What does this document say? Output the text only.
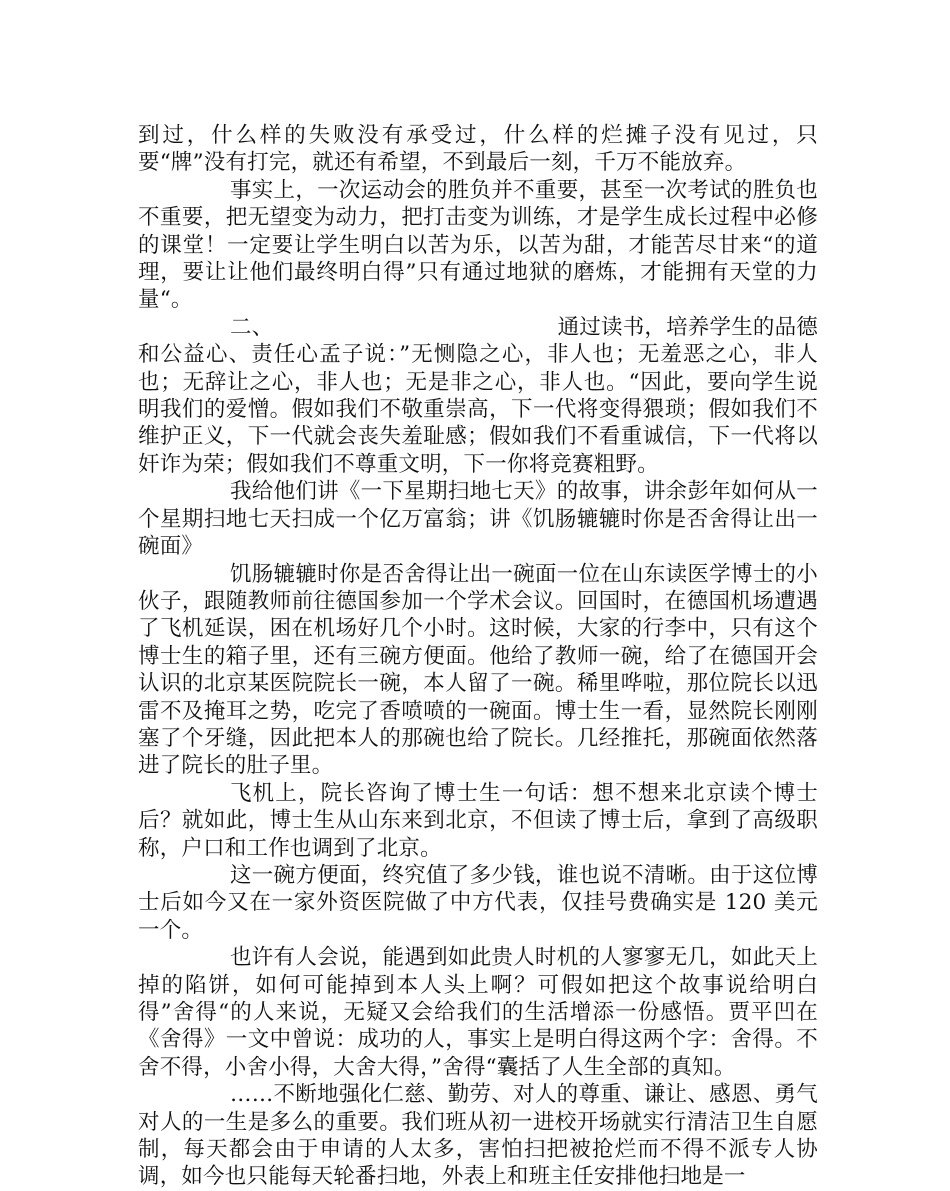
到过，什么样的失败没有承受过，什么样的烂摊子没有见过，只要“牌”没有打完，就还有希望，不到最后一刻，千万不能放弃。

事实上，一次运动会的胜负并不重要，甚至一次考试的胜负也不重要，把无望变为动力，把打击变为训练，才是学生成长过程中必修的课堂！一定要让学生明白以苦为乐，以苦为甜，才能苦尽甘来“的道理，要让让他们最终明白得”只有通过地狱的磨炼，才能拥有天堂的力量“。

二、	通过读书，培养学生的品德

和公益心、责任心孟子说：”无恻隐之心，非人也；无羞恶之心，非人也；无辞让之心，非人也；无是非之心，非人也。“因此，要向学生说明我们的爱憎。假如我们不敬重崇高，下一代将变得猥琐；假如我们不维护正义，下一代就会丧失羞耻感；假如我们不看重诚信，下一代将以奸诈为荣；假如我们不尊重文明，下一你将竞赛粗野。

我给他们讲《一下星期扫地七天》的故事，讲余彭年如何从一个星期扫地七天扫成一个亿万富翁；讲《饥肠辘辘时你是否舍得让出一碗面》

饥肠辘辘时你是否舍得让出一碗面一位在山东读医学博士的小伙子，跟随教师前往德国参加一个学术会议。回国时，在德国机场遭遇了飞机延误，困在机场好几个小时。这时候，大家的行李中，只有这个博士生的箱子里，还有三碗方便面。他给了教师一碗，给了在德国开会认识的北京某医院院长一碗，本人留了一碗。稀里哗啦，那位院长以迅雷不及掩耳之势，吃完了香喷喷的一碗面。博士生一看，显然院长刚刚塞了个牙缝，因此把本人的那碗也给了院长。几经推托，那碗面依然落进了院长的肚子里。

飞机上，院长咨询了博士生一句话：想不想来北京读个博士后？就如此，博士生从山东来到北京，不但读了博士后，拿到了高级职称，户口和工作也调到了北京。

这一碗方便面，终究值了多少钱，谁也说不清晰。由于这位博士后如今又在一家外资医院做了中方代表，仅挂号费确实是 120 美元一个。

也许有人会说，能遇到如此贵人时机的人寥寥无几，如此天上掉的陷饼，如何可能掉到本人头上啊？可假如把这个故事说给明白得”舍得“的人来说，无疑又会给我们的生活增添一份感悟。贾平凹在《舍得》一文中曾说：成功的人，事实上是明白得这两个字：舍得。不舍不得，小舍小得，大舍大得，”舍得“囊括了人生全部的真知。

……不断地强化仁慈、勤劳、对人的尊重、谦让、感恩、勇气对人的一生是多么的重要。我们班从初一进校开场就实行清洁卫生自愿制，每天都会由于申请的人太多，害怕扫把被抢烂而不得不派专人协调，如今也只能每天轮番扫地，外表上和班主任安排他扫地是一
